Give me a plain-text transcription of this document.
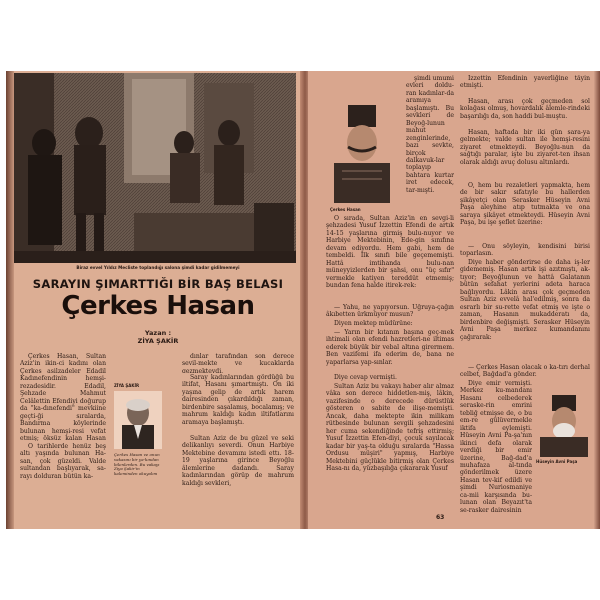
Biraz evvel Yıldız Mecliste toplandığı salona şimdi kadar gidilmemeyi
SARAYIN ŞIMARTTIĞI BİR BAŞ BELASI
Çerkes Hasan
Yazan :
ZİYA ŞAKİR

Çerkes Hasan, Sultan Aziz'in ikin-ci kadını olan Çerkes asilzadeler Edadil Kadınefendinin hemşi-rezadesidir. Edadil, Şehzade Mahmut Celâlettin Efendiyi doğurup da "ka-dınefendi" mevkiine geçti-ği sıralarda, Bandırma köylerinde bulunan hemşi-resi vefat etmiş; öksüz kalan Hasan

O tarihlerde henüz beş altı yaşında bulunan Ha-san, çok güzeldi. Valde sultandan başlıyarak, sa-rayı dolduran bütün ka-

ZİYA ŞAKİR
Çerkes Hasan ve onun vakasını bir ya-kından bilenlerden. Bu vakayı Ziya Şakir'in kaleminden okuyalım

dınlar tarafından son derece sevil-mekte ve kucaklarda gezmekteydi.

Saray kadınlarından gördüğü bu iltifat, Hasanı şımartmıştı. On iki yaşına gelip de artık harem dairesinden çıkardıldığı zaman, birdenbire saşalamış, bocalamış; ve mahrum kaldığı kadın iltifatlarını aramaya başlamıştı.

Sultan Aziz de bu güzel ve seki delikanlıyı severdi. Onun Harbiye Mektebine devamını istedi ettı. 18-19 yaşlarına girince Beyoğlu âlemlerine dadandı. Saray kadınlarından görüp de mahrum kaldığı sevkleri,

Çerkes Hasan

şimdi umumi evleri doldu-ran kadınlar-da aramıya başlamıştı. Bu sevkleri de Beyoğ-lunun mahut zenginlerinde, bazı sevkte, birçok dalkavuk-lar toplayıp bahtara kurtar iret edecek, tar-mışti.

O sırada, Sultan Aziz'in en sevgi-li şehzadesi Yusuf İzzettin Efendi de artık 14-15 yaşlarına girmiş bulu-nuyor ve Harbiye Mektebinin, Ede-gin sınıfına devam ediyordu. Hem gabi, hem de tembeldi. İlk sınıfı bile geçememişti. Hattâ imtihanda bulu-nan müneyyizlerden bir şahsi, onu "üç sıfır" vermekle katiyen tereddüt etmemiş; bundan fena halde itirek-rek:

— Yahu, ne yapıyorsun. Uğruya-çağın âkıbetten ürkmüyor musun?

Diyen mektep müdürüne:

— Yarın bir kıtanın başına geç-mek ihtimali olan efendi hazretleri-ne iltimas ederek büyük bir vebal altına girermem. Ben vazifemi ifa ederim de, bana ne yaparlarsa yap-sınlar.

Diye cevap vermişti.

Sultan Aziz bu vakayı haber alır almaz vâka son derece hiddetlen-miş, lâkin, vazifesinde o derecede dürüstlük gösteren o sabite de ilişe-memişti. Ancak, daha mektepte ikin milikam rütbesinde bulunan sevgili şehzadesini her cuma sekendiğinde tefriş ettirmiş; Yusuf İzzettin Efen-diyi, çocuk sayılacak kadar bir yaş-ta olduğu sıralarda "Hassa Ordusu müşiri" yapmış, Harbiye Mektebini güçlükle bitirmiş olan Çerkes Hasa-nı da, yüzbaşılığa çıkararak Yusuf

İzzettin Efendinin yaverliğine tâyin etmişti.

Hasan, arası çok geçmeden sol kolağası olmuş, hovardalık âlemle-rindeki başarılığı da, son haddi bul-muştu.

Hasan, haftada bir iki gün sara-ya gelmekte; valde sultan ile hemşi-resini ziyaret etmekteydi. Beyoğlu-nun da sağtığı paralar, işte bu ziyaret-ten ihsan olarak aldığı avuç dolusu altınlardı.

O, hem bu rezaletleri yapmakta, hem de bir sakır sıfatıyle bu hallerden şikâyetçi olan Serasker Hüseyin Avni Paşa aleyhine atıp tutmakta ve ona saraya şikâyet etmekteydi. Hüseyin Avni Paşa, bu işe şeflet üzerine:

— Onu söyleyin, kendisini birisi toparlasın.

Diye haber gönderirse de daha iş-ler gidememiş. Hasan artık işi azıtmıştı, aktıyor; Beyoğlunun ve hattâ Galatanın bütün sefahat yerlerini adeta haraca bağlıyordu. Lâkin arası çok geçmeden Sultan Aziz evvelâ hal'edilmiş, sonra da esrarlı bir su-rette vefat etmiş ve işte o zaman, Hasanın mukadderatı da, birdenbire değişmişti. Serasker Hüseyin Avni Paşa merkez kumandanını çağırarak:

— Çerkes Hasan olacak o ka-tırı derhal celbet, Bağdad'a gönder.

Diye emir vermişti. Merkez ku-mandanı Hasanı celbederek seraske-rin emrini tebliğ etmişse de, o bu em-re gülüvermekle iktifa eylemişti. Hüseyin Avni Pa-şa'nın ikinci defa olarak verdiği bir emir üzerine, Bağ-dad'a muhafaza al-tında gönderilmek üzere Hasan tev-kif edildi ve şimdi Nuriosmaniye ca-mii karşısında bu-lunan olan Beyazıt'ta se-rasker dairesinin

Hüseyin Avni Paşa
63
